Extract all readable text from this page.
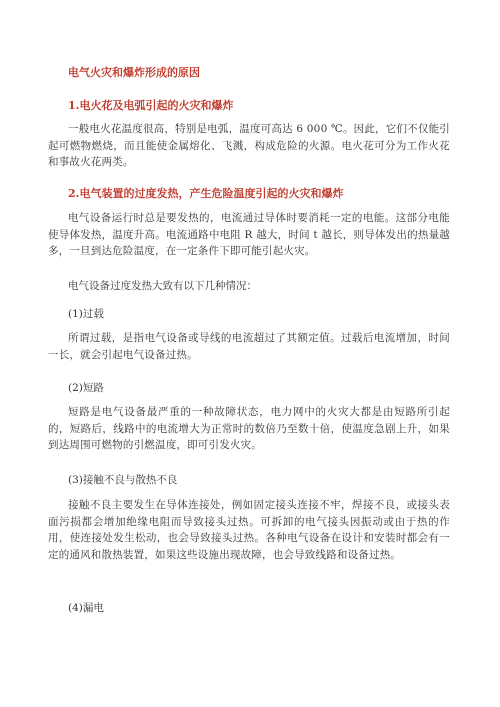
电气火灾和爆炸形成的原因
1.电火花及电弧引起的火灾和爆炸

一般电火花温度很高，特别是电弧，温度可高达 6 000 ℃。因此，它们不仅能引起可燃物燃烧，而且能使金属熔化、飞溅，构成危险的火源。电火花可分为工作火花和事故火花两类。

2.电气装置的过度发热，产生危险温度引起的火灾和爆炸

电气设备运行时总是要发热的，电流通过导体时要消耗一定的电能。这部分电能使导体发热，温度升高。电流通路中电阻 R 越大，时间 t 越长，则导体发出的热量越多，一旦到达危险温度，在一定条件下即可能引起火灾。

电气设备过度发热大致有以下几种情况：

(1)过载

所谓过载，是指电气设备或导线的电流超过了其额定值。过载后电流增加，时间一长，就会引起电气设备过热。

(2)短路

短路是电气设备最严重的一种故障状态，电力网中的火灾大都是由短路所引起的，短路后，线路中的电流增大为正常时的数倍乃至数十倍，使温度急剧上升，如果到达周围可燃物的引燃温度，即可引发火灾。

(3)接触不良与散热不良

接触不良主要发生在导体连接处，例如固定接头连接不牢，焊接不良，或接头表面污损都会增加绝缘电阻而导致接头过热。可拆卸的电气接头因振动或由于热的作 用，使连接处发生松动，也会导致接头过热。各种电气设备在设计和安装时都会有一定的通风和散热装置，如果这些设施出现故障，也会导致线路和设备过热。

(4)漏电
